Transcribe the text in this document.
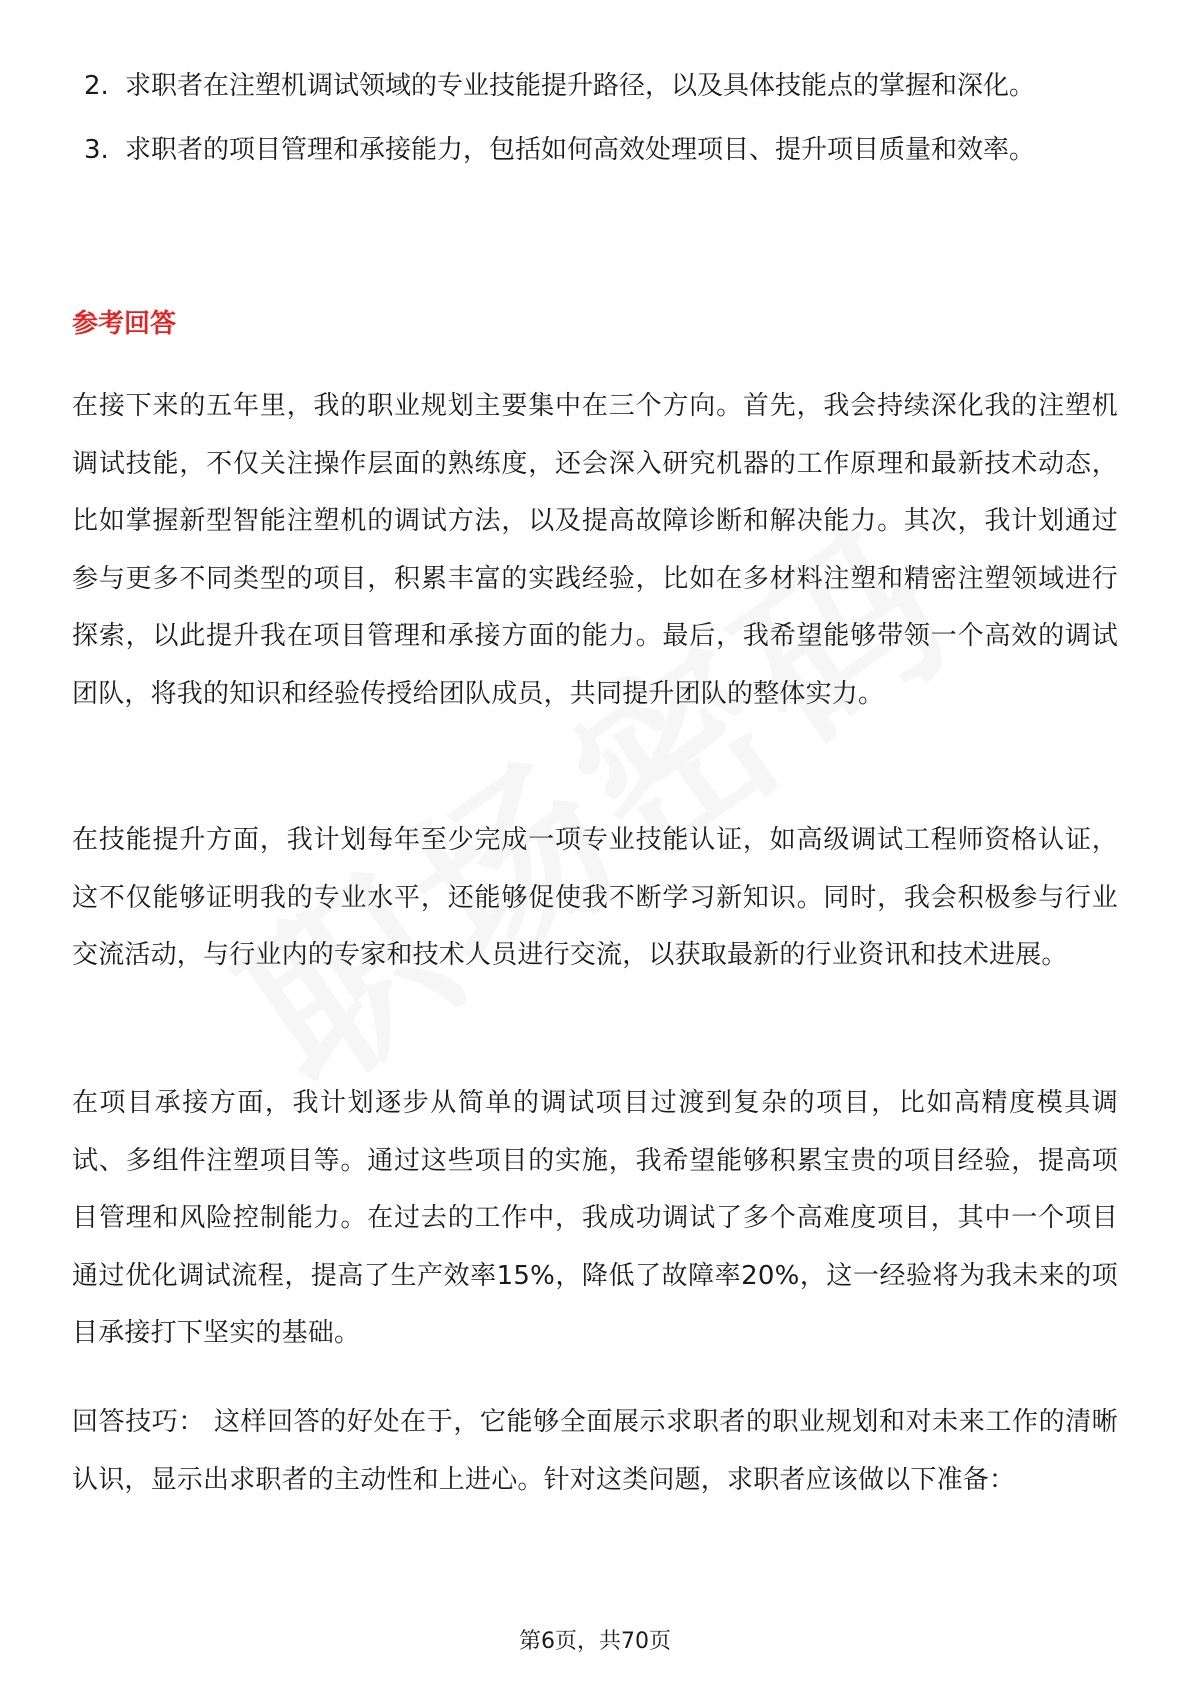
2. 求职者在注塑机调试领域的专业技能提升路径，以及具体技能点的掌握和深化。
3. 求职者的项目管理和承接能力，包括如何高效处理项目、提升项目质量和效率。
参考回答

在接下来的五年里，我的职业规划主要集中在三个方向。首先，我会持续深化我的注塑机调试技能，不仅关注操作层面的熟练度，还会深入研究机器的工作原理和最新技术动态，比如掌握新型智能注塑机的调试方法，以及提高故障诊断和解决能力。其次，我计划通过参与更多不同类型的项目，积累丰富的实践经验，比如在多材料注塑和精密注塑领域进行探索，以此提升我在项目管理和承接方面的能力。最后，我希望能够带领一个高效的调试团队，将我的知识和经验传授给团队成员，共同提升团队的整体实力。

在技能提升方面，我计划每年至少完成一项专业技能认证，如高级调试工程师资格认证，这不仅能够证明我的专业水平，还能够促使我不断学习新知识。同时，我会积极参与行业交流活动，与行业内的专家和技术人员进行交流，以获取最新的行业资讯和技术进展。

在项目承接方面，我计划逐步从简单的调试项目过渡到复杂的项目，比如高精度模具调试、多组件注塑项目等。通过这些项目的实施，我希望能够积累宝贵的项目经验，提高项目管理和风险控制能力。在过去的工作中，我成功调试了多个高难度项目，其中一个项目通过优化调试流程，提高了生产效率15%，降低了故障率20%，这一经验将为我未来的项目承接打下坚实的基础。

回答技巧： 这样回答的好处在于，它能够全面展示求职者的职业规划和对未来工作的清晰认识，显示出求职者的主动性和上进心。针对这类问题，求职者应该做以下准备：

第6页，共70页
